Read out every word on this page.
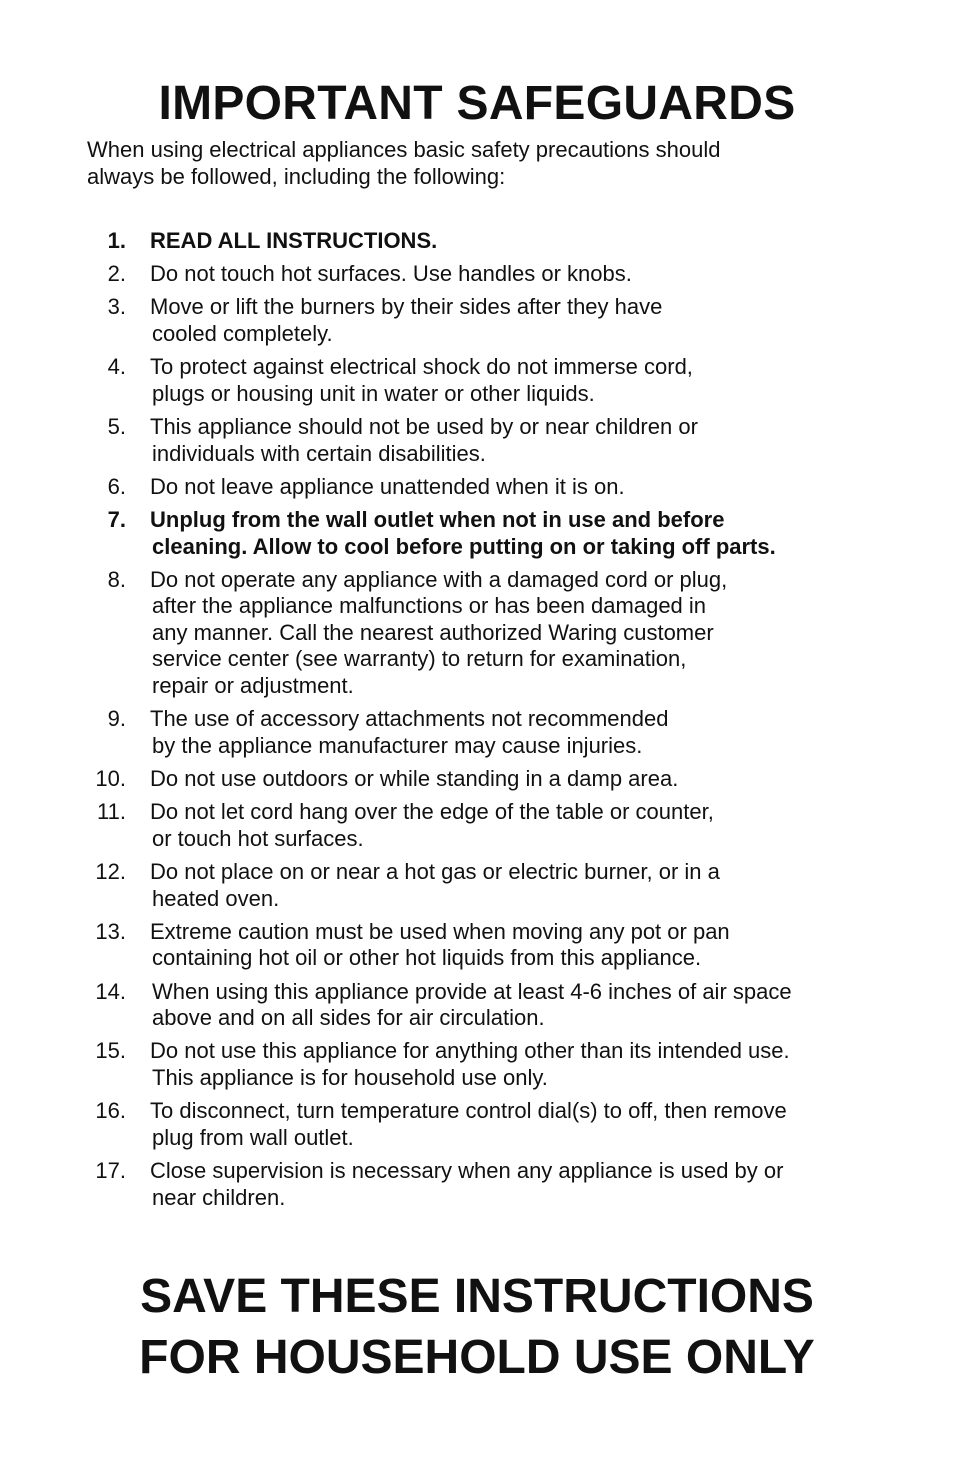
IMPORTANT SAFEGUARDS

When using electrical appliances basic safety precautions should
always be followed, including the following:

1. READ ALL INSTRUCTIONS.
2. Do not touch hot surfaces. Use handles or knobs.
3. Move or lift the burners by their sides after they have
cooled completely.
4. To protect against electrical shock do not immerse cord,
plugs or housing unit in water or other liquids.
5. This appliance should not be used by or near children or
individuals with certain disabilities.
6. Do not leave appliance unattended when it is on.
7. Unplug from the wall outlet when not in use and before
cleaning. Allow to cool before putting on or taking off parts.
8. Do not operate any appliance with a damaged cord or plug,
after the appliance malfunctions or has been damaged in
any manner. Call the nearest authorized Waring customer
service center (see warranty) to return for examination,
repair or adjustment.
9. The use of accessory attachments not recommended
by the appliance manufacturer may cause injuries.
10. Do not use outdoors or while standing in a damp area.
11. Do not let cord hang over the edge of the table or counter,
or touch hot surfaces.
12. Do not place on or near a hot gas or electric burner, or in a
heated oven.
13. Extreme caution must be used when moving any pot or pan
containing hot oil or other hot liquids from this appliance.
14. When using this appliance provide at least 4-6 inches of air space
above and on all sides for air circulation.
15. Do not use this appliance for anything other than its intended use.
This appliance is for household use only.
16. To disconnect, turn temperature control dial(s) to off, then remove
plug from wall outlet.
17. Close supervision is necessary when any appliance is used by or
near children.
SAVE THESE INSTRUCTIONS
FOR HOUSEHOLD USE ONLY
